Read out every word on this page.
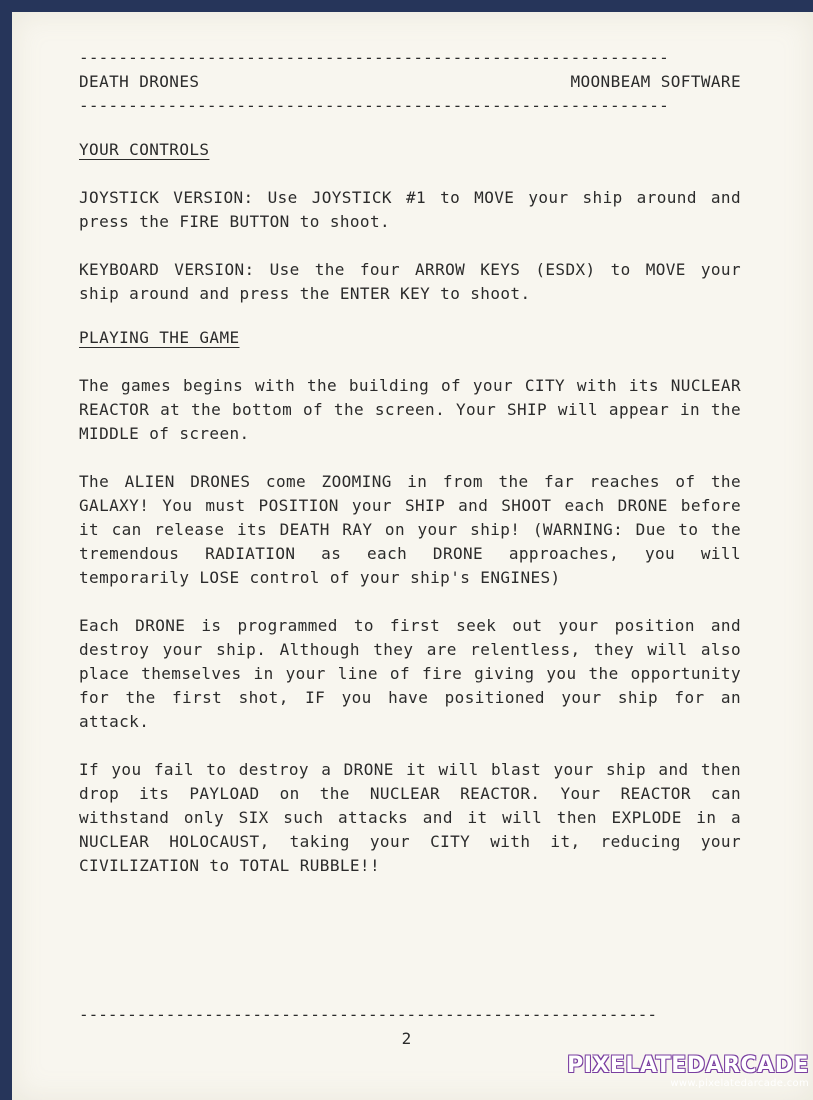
------------------------------------------------------------
DEATH DRONES	MOONBEAM SOFTWARE
------------------------------------------------------------
YOUR CONTROLS

JOYSTICK VERSION: Use JOYSTICK #1 to MOVE your ship around and press the FIRE BUTTON to shoot.

KEYBOARD VERSION: Use the four ARROW KEYS (ESDX) to MOVE your ship around and press the ENTER KEY to shoot.

PLAYING THE GAME

The games begins with the building of your CITY with its NUCLEAR REACTOR at the bottom of the screen. Your SHIP will appear in the MIDDLE of screen.

The ALIEN DRONES come ZOOMING in from the far reaches of the GALAXY! You must POSITION your SHIP and SHOOT each DRONE before it can release its DEATH RAY on your ship! (WARNING: Due to the tremendous RADIATION as each DRONE approaches, you will temporarily LOSE control of your ship's ENGINES)

Each DRONE is programmed to first seek out your position and destroy your ship. Although they are relentless, they will also place themselves in your line of fire giving you the opportunity for the first shot, IF you have positioned your ship for an attack.

If you fail to destroy a DRONE it will blast your ship and then drop its PAYLOAD on the NUCLEAR REACTOR. Your REACTOR can withstand only SIX such attacks and it will then EXPLODE in a NUCLEAR HOLOCAUST, taking your CITY with it, reducing your CIVILIZATION to TOTAL RUBBLE!!

------------------------------------------------------------
2
PIXELATEDARCADE
www.pixelatedarcade.com
